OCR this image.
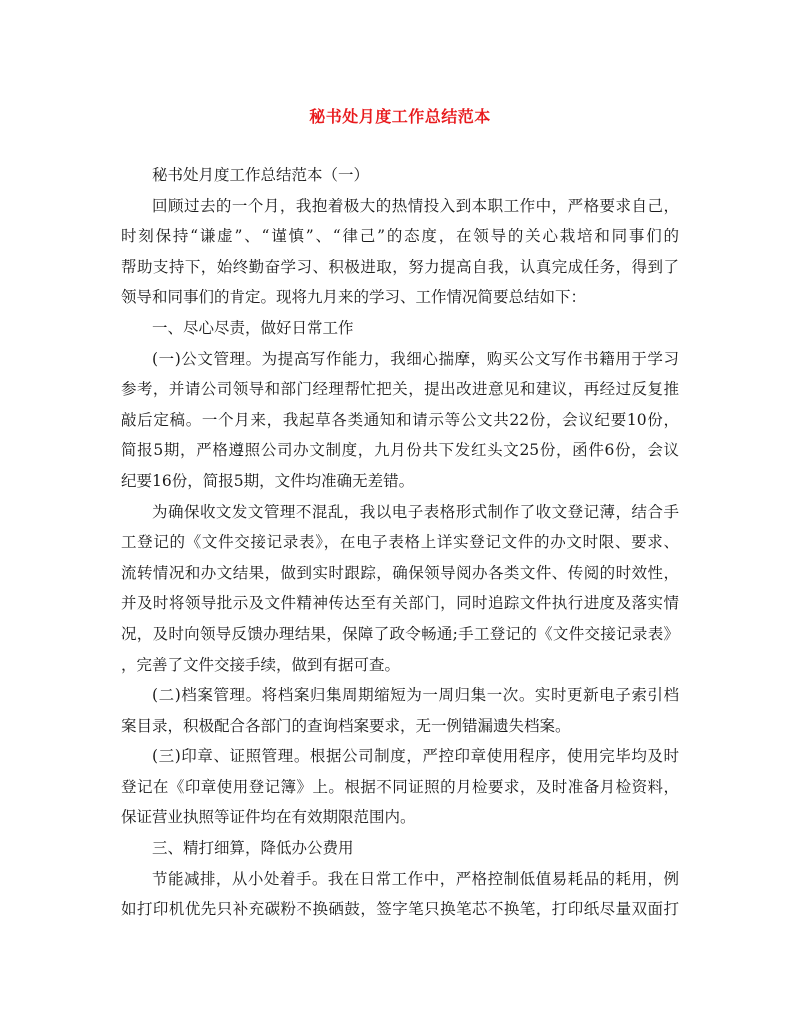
秘书处月度工作总结范本
秘书处月度工作总结范本（一）
回顾过去的一个月，我抱着极大的热情投入到本职工作中，严格要求自己，
时刻保持“谦虚”、“谨慎”、“律己”的态度，在领导的关心栽培和同事们的
帮助支持下，始终勤奋学习、积极进取，努力提高自我，认真完成任务，得到了
领导和同事们的肯定。现将九月来的学习、工作情况简要总结如下：
一、尽心尽责，做好日常工作
(一)公文管理。为提高写作能力，我细心揣摩，购买公文写作书籍用于学习
参考，并请公司领导和部门经理帮忙把关，提出改进意见和建议，再经过反复推
敲后定稿。一个月来，我起草各类通知和请示等公文共22份，会议纪要10份，
简报5期，严格遵照公司办文制度，九月份共下发红头文25份，函件6份，会议
纪要16份，简报5期，文件均准确无差错。
为确保收文发文管理不混乱，我以电子表格形式制作了收文登记薄，结合手
工登记的《文件交接记录表》，在电子表格上详实登记文件的办文时限、要求、
流转情况和办文结果，做到实时跟踪，确保领导阅办各类文件、传阅的时效性，
并及时将领导批示及文件精神传达至有关部门，同时追踪文件执行进度及落实情
况，及时向领导反馈办理结果，保障了政令畅通;手工登记的《文件交接记录表》
，完善了文件交接手续，做到有据可查。
(二)档案管理。将档案归集周期缩短为一周归集一次。实时更新电子索引档
案目录，积极配合各部门的查询档案要求，无一例错漏遗失档案。
(三)印章、证照管理。根据公司制度，严控印章使用程序，使用完毕均及时
登记在《印章使用登记簿》上。根据不同证照的月检要求，及时准备月检资料，
保证营业执照等证件均在有效期限范围内。
三、精打细算，降低办公费用
节能减排，从小处着手。我在日常工作中，严格控制低值易耗品的耗用，例
如打印机优先只补充碳粉不换硒鼓，签字笔只换笔芯不换笔，打印纸尽量双面打
